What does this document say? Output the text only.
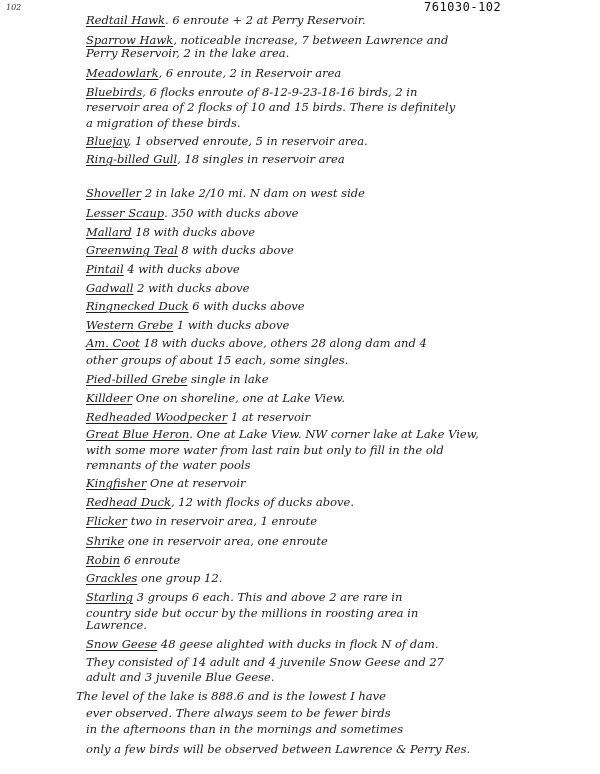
102	761030-102
Redtail Hawk. 6 enroute + 2 at Perry Reservoir.
Sparrow Hawk, noticeable increase, 7 between Lawrence and
Perry Reservoir, 2 in the lake area.
Meadowlark, 6 enroute, 2 in Reservoir area
Bluebirds, 6 flocks enroute of 8-12-9-23-18-16 birds, 2 in
reservoir area of 2 flocks of 10 and 15 birds. There is definitely
a migration of these birds.
Bluejay, 1 observed enroute, 5 in reservoir area.
Ring-billed Gull, 18 singles in reservoir area
Shoveller 2 in lake 2/10 mi. N dam on west side
Lesser Scaup. 350 with ducks above
Mallard 18 with ducks above
Greenwing Teal 8 with ducks above
Pintail 4 with ducks above
Gadwall 2 with ducks above
Ringnecked Duck 6 with ducks above
Western Grebe 1 with ducks above
Am. Coot 18 with ducks above, others 28 along dam and 4
other groups of about 15 each, some singles.
Pied-billed Grebe single in lake
Killdeer One on shoreline, one at Lake View.
Redheaded Woodpecker 1 at reservoir
Great Blue Heron. One at Lake View. NW corner lake at Lake View,
with some more water from last rain but only to fill in the old
remnants of the water pools
Kingfisher One at reservoir
Redhead Duck, 12 with flocks of ducks above.
Flicker two in reservoir area, 1 enroute
Shrike one in reservoir area, one enroute
Robin 6 enroute
Grackles one group 12.
Starling 3 groups 6 each. This and above 2 are rare in
country side but occur by the millions in roosting area in
Lawrence.
Snow Geese 48 geese alighted with ducks in flock N of dam.
They consisted of 14 adult and 4 juvenile Snow Geese and 27
adult and 3 juvenile Blue Geese.
The level of the lake is 888.6 and is the lowest I have
ever observed. There always seem to be fewer birds
in the afternoons than in the mornings and sometimes
only a few birds will be observed between Lawrence & Perry Res.
